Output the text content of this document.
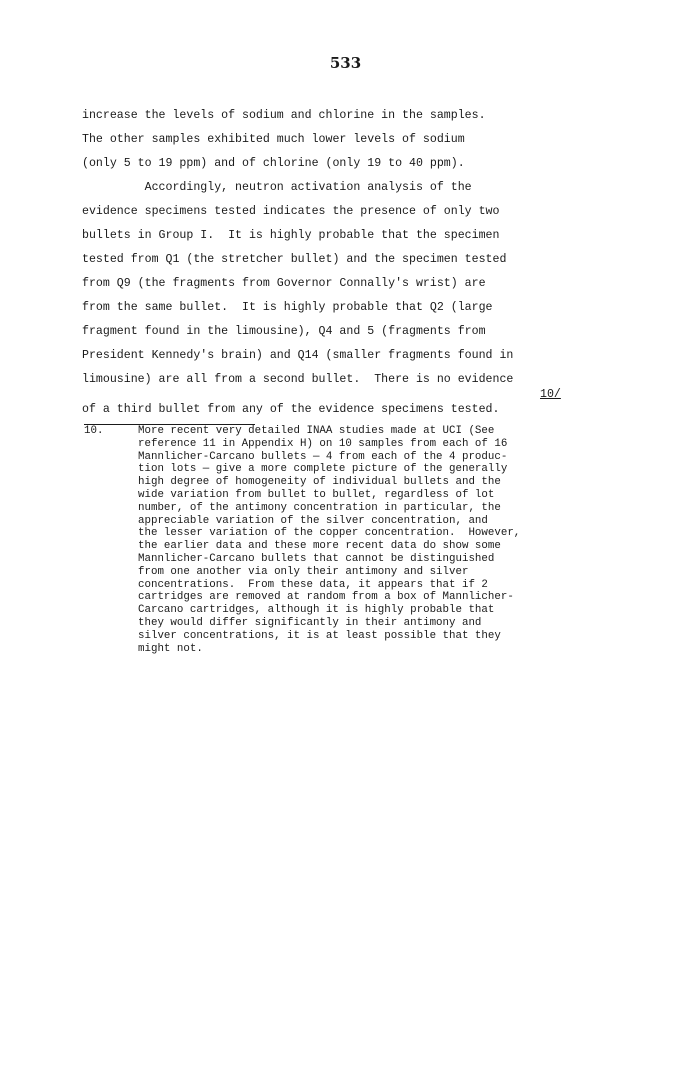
533
increase the levels of sodium and chlorine in the samples.
The other samples exhibited much lower levels of sodium
(only 5 to 19 ppm) and of chlorine (only 19 to 40 ppm).
Accordingly, neutron activation analysis of the
evidence specimens tested indicates the presence of only two
bullets in Group I.  It is highly probable that the specimen
tested from Q1 (the stretcher bullet) and the specimen tested
from Q9 (the fragments from Governor Connally's wrist) are
from the same bullet.  It is highly probable that Q2 (large
fragment found in the limousine), Q4 and 5 (fragments from
President Kennedy's brain) and Q14 (smaller fragments found in
limousine) are all from a second bullet.  There is no evidence
10/
of a third bullet from any of the evidence specimens tested.
10.	More recent very detailed INAA studies made at UCI (See
reference 11 in Appendix H) on 10 samples from each of 16
Mannlicher-Carcano bullets — 4 from each of the 4 produc-
tion lots — give a more complete picture of the generally
high degree of homogeneity of individual bullets and the
wide variation from bullet to bullet, regardless of lot
number, of the antimony concentration in particular, the
appreciable variation of the silver concentration, and
the lesser variation of the copper concentration.  However,
the earlier data and these more recent data do show some
Mannlicher-Carcano bullets that cannot be distinguished
from one another via only their antimony and silver
concentrations.  From these data, it appears that if 2
cartridges are removed at random from a box of Mannlicher-
Carcano cartridges, although it is highly probable that
they would differ significantly in their antimony and
silver concentrations, it is at least possible that they
might not.
